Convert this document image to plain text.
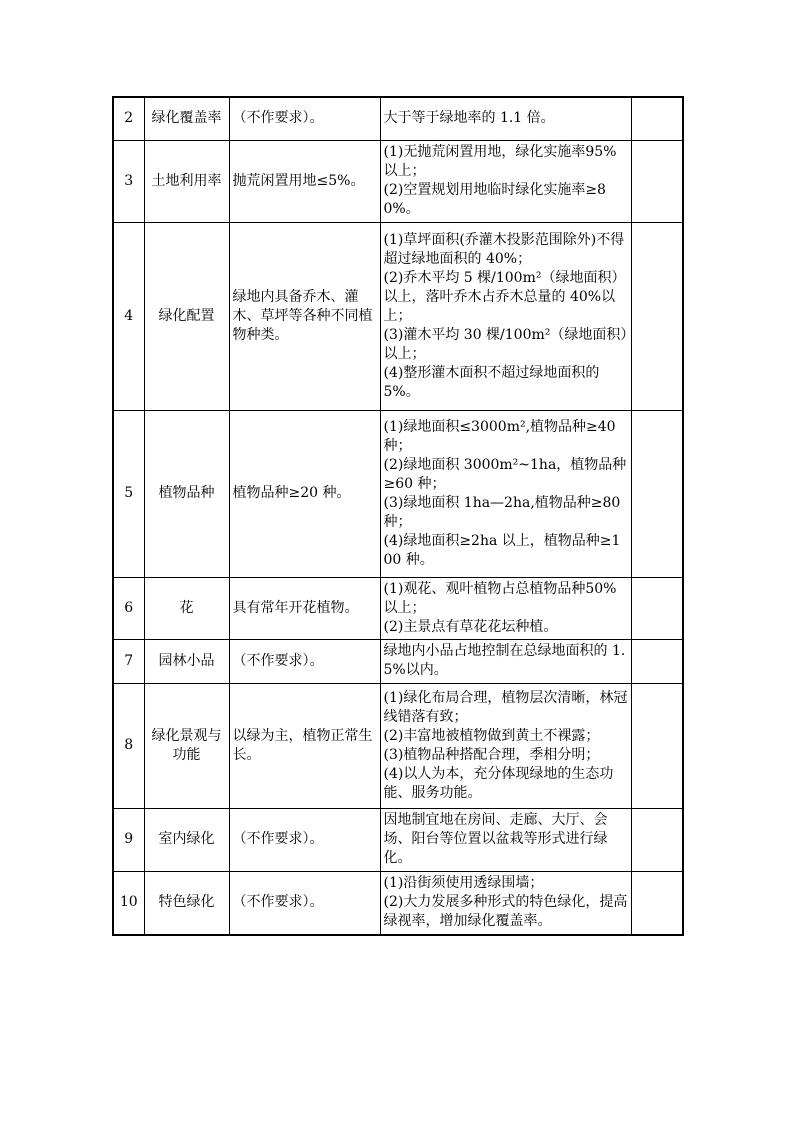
2	绿化覆盖率	（不作要求）。	大于等于绿地率的 1.1 倍。	

3	土地利用率	抛荒闲置用地≤5%。	(1)无抛荒闲置用地，绿化实施率95%以上；
(2)空置规划用地临时绿化实施率≥80%。	

4	绿化配置	绿地内具备乔木、灌木、草坪等各种不同植物种类。	(1)草坪面积(乔灌木投影范围除外)不得超过绿地面积的 40%；
(2)乔木平均 5 棵/100m²（绿地面积）以上，落叶乔木占乔木总量的 40%以上；
(3)灌木平均 30 棵/100m²（绿地面积）以上；
(4)整形灌木面积不超过绿地面积的 5%。	

5	植物品种	植物品种≥20 种。	(1)绿地面积≤3000m²,植物品种≥40 种；
(2)绿地面积 3000m²~1ha，植物品种≥60 种；
(3)绿地面积 1ha—2ha,植物品种≥80 种；
(4)绿地面积≥2ha 以上，植物品种≥100 种。	

6	花	具有常年开花植物。	(1)观花、观叶植物占总植物品种50%以上；
(2)主景点有草花花坛种植。	

7	园林小品	（不作要求）。	绿地内小品占地控制在总绿地面积的 1.5%以内。	

8	绿化景观与功能	以绿为主，植物正常生长。	(1)绿化布局合理，植物层次清晰，林冠线错落有致；
(2)丰富地被植物做到黄土不裸露；
(3)植物品种搭配合理，季相分明；
(4)以人为本，充分体现绿地的生态功能、服务功能。	

9	室内绿化	（不作要求）。	因地制宜地在房间、走廊、大厅、会场、阳台等位置以盆栽等形式进行绿化。	

10	特色绿化	（不作要求）。	(1)沿街须使用透绿围墙；
(2)大力发展多种形式的特色绿化，提高绿视率，增加绿化覆盖率。	
